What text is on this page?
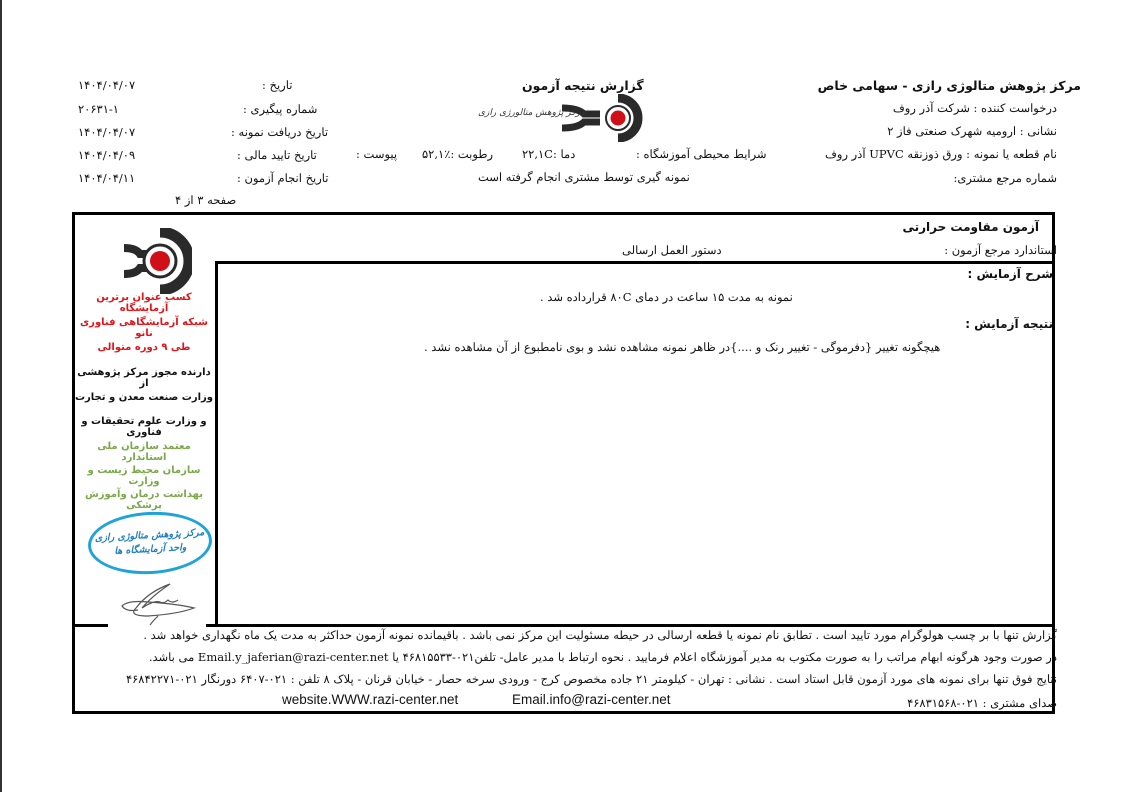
مرکز پژوهش متالوژی رازی - سهامی خاص
درخواست کننده : شرکت آذر روف
نشانی : ارومیه شهرک صنعتی فاز ۲
نام قطعه یا نمونه : ورق ذوزنقه UPVC آذر روف
شماره مرجع مشتری:
گزارش نتیجه آزمون
مرکز پژوهش متالورژی رازی
شرایط محیطی آموزشگاه :
دما :۲۲,۱C
رطوبت :٪۵۲,۱
پیوست :
نمونه گیری توسط مشتری انجام گرفته است
تاریخ :
۱۴۰۴/۰۴/۰۷
شماره پیگیری :
۲۰۶۳۱-۱
تاریخ دریافت نمونه :
۱۴۰۴/۰۴/۰۷
تاریخ تایید مالی :
۱۴۰۴/۰۴/۰۹
تاریخ انجام آزمون :
۱۴۰۴/۰۴/۱۱
صفحه ۳ از ۴
آزمون مقاومت حرارتی
استاندارد مرجع آزمون :
دستور العمل ارسالی
شرح آزمایش :
نمونه به مدت ۱۵ ساعت در دمای ۸۰C قرارداده شد .
نتیجه آزمایش :
هیچگونه تغییر {دفرموگی - تغییر رنک و ....}در ظاهر نمونه مشاهده نشد و بوی نامطبوع از آن مشاهده نشد .
کسب عنوان برترین آزمایشگاه
شبکه آزمایشگاهی فناوری نانو
طی ۹ دوره متوالی
دارنده مجوز مرکز پژوهشی از
وزارت صنعت معدن و تجارت
و وزارت علوم تحقیقات و فناوری
معتمد سازمان ملی استاندارد
سازمان محیط زیست و وزارت
بهداشت درمان وآموزش پزشکی
مرکز پژوهش متالوژی رازی
واحد آزمایشگاه ها
گزارش تنها با بر چسب هولوگرام مورد تایید است . تطابق نام نمونه یا قطعه ارسالی در حیطه مسئولیت این مرکز نمی باشد . باقیمانده نمونه آزمون حداکثر به مدت یک ماه نگهداری خواهد شد .
در صورت وجود هرگونه ابهام مراتب را به صورت مکتوب به مدیر آموزشگاه اعلام فرمایید . نحوه ارتباط با مدیر عامل- تلفن۰۲۱-۴۶۸۱۵۵۳۳ یا Email.y_jaferian@razi-center.net می باشد.
نتایج فوق تنها برای نمونه های مورد آزمون قابل استاد است . نشانی : تهران - کیلومتر ۲۱ جاده مخصوص کرج - ورودی سرخه حصار - خیابان قرنان - پلاک ۸ تلفن : ۰۲۱-۶۴۰۷ دورنگار ۰۲۱-۴۶۸۴۲۲۷۱
صدای مشتری : ۰۲۱-۴۶۸۳۱۵۶۸
website.WWW.razi-center.net	Email.info@razi-center.net
